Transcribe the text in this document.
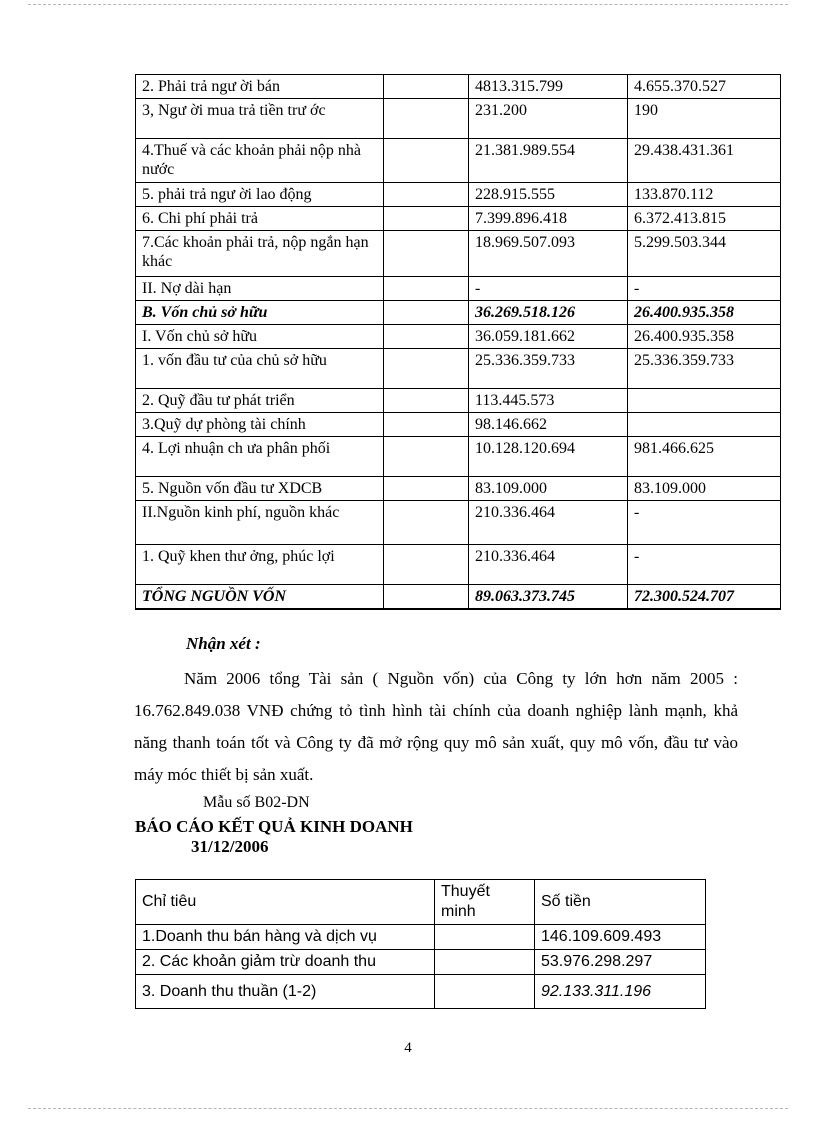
2. Phải trả ngư ời bán		4813.315.799	4.655.370.527
3, Ngư ời mua trả tiền trư ớc		231.200	190
4.Thuế và các khoản phải nộp nhà nước		21.381.989.554	29.438.431.361
5. phải trả ngư ời lao động		228.915.555	133.870.112
6. Chi phí phải trả		7.399.896.418	6.372.413.815
7.Các khoản phải trả, nộp ngắn hạn khác		18.969.507.093	5.299.503.344
II. Nợ dài hạn		-	-
B. Vốn chủ sở hữu		36.269.518.126	26.400.935.358
I. Vốn chủ sở hữu		36.059.181.662	26.400.935.358
1. vốn đầu tư của chủ sở hữu		25.336.359.733	25.336.359.733
2. Quỹ đầu tư phát triển		113.445.573	
3.Quỹ dự phòng tài chính		98.146.662	
4. Lợi nhuận ch ưa phân phối		10.128.120.694	981.466.625
5. Nguồn vốn đầu tư XDCB		83.109.000	83.109.000
II.Nguồn kinh phí, nguồn khác		210.336.464	-
1. Quỹ khen thư ởng, phúc lợi		210.336.464	-
TỔNG NGUỒN VỐN		89.063.373.745	72.300.524.707
Nhận xét :

Năm 2006 tổng Tài sản ( Nguồn vốn) của Công ty lớn hơn năm 2005 : 16.762.849.038 VNĐ chứng tỏ tình hình tài chính của doanh nghiệp lành mạnh, khả năng thanh toán tốt và Công ty đã mở rộng quy mô sản xuất, quy mô vốn, đầu tư vào máy móc thiết bị sản xuất.

Mẫu số B02-DN
BÁO CÁO KẾT QUẢ KINH DOANH
31/12/2006
Chỉ tiêu	Thuyết minh	Số tiền
1.Doanh thu bán hàng và dịch vụ		146.109.609.493
2. Các khoản giảm trừ doanh thu		53.976.298.297
3. Doanh thu thuần (1-2)		92.133.311.196
4
